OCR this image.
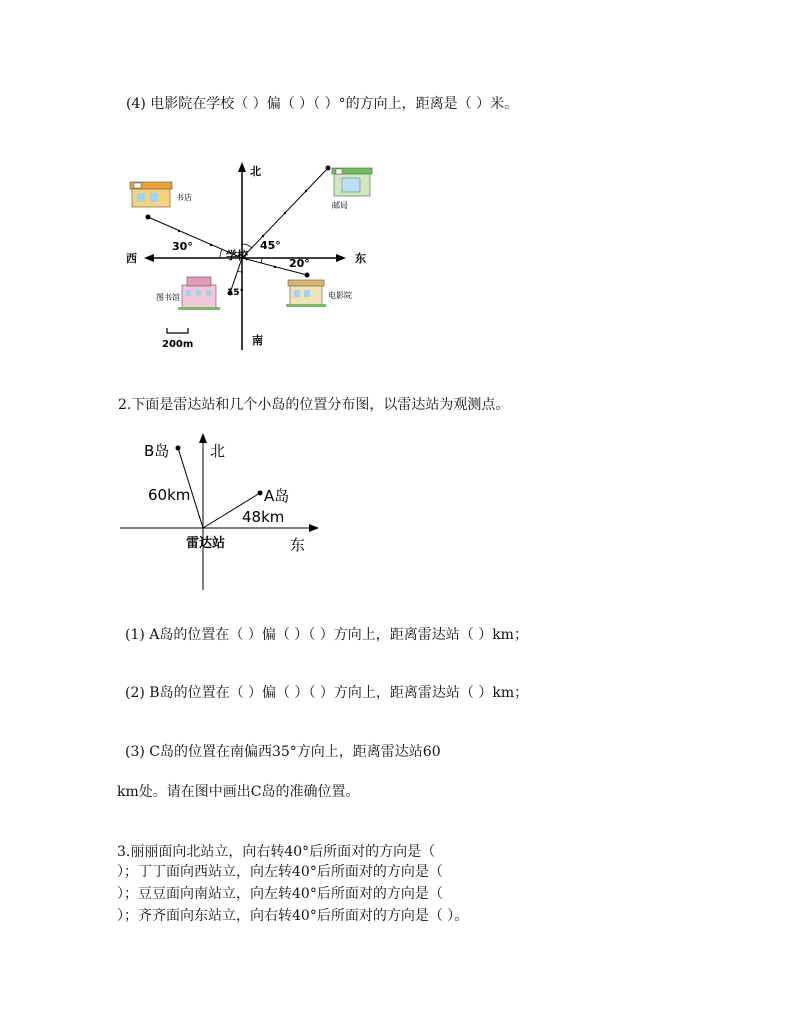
(4) 电影院在学校（ ）偏（ ）（ ）°的方向上，距离是（ ）米。
北
南
东
西	学校
30°	45°
20°
15°
书店
邮局
图书馆	电影院
200m
2.下面是雷达站和几个小岛的位置分布图，以雷达站为观测点。
北
东
雷达站
B岛
60km	A岛
48km
(1) A岛的位置在（ ）偏（ ）（ ）方向上，距离雷达站（ ）km；
(2) B岛的位置在（ ）偏（ ）（ ）方向上，距离雷达站（ ）km；
(3) C岛的位置在南偏西35°方向上，距离雷达站60
km处。请在图中画出C岛的准确位置。
3.丽丽面向北站立，向右转40°后所面对的方向是（
）；丁丁面向西站立，向左转40°后所面对的方向是（
）；豆豆面向南站立，向左转40°后所面对的方向是（
）；齐齐面向东站立，向右转40°后所面对的方向是（ ）。
